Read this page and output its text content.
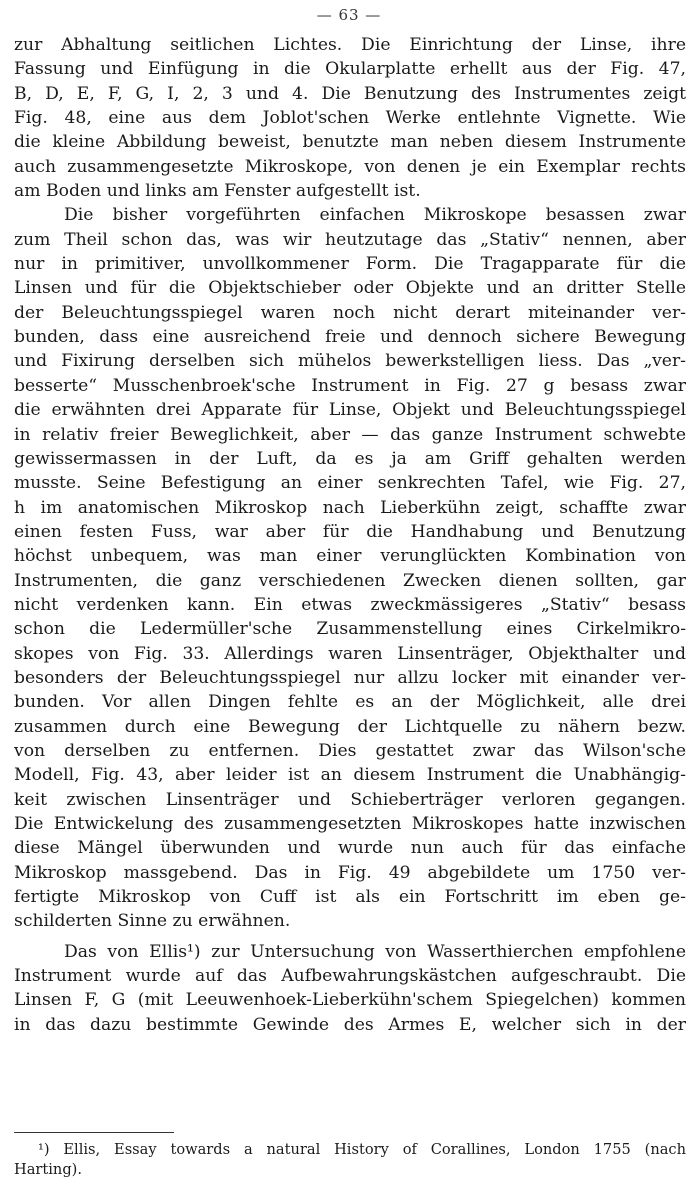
— 63 —
zur Abhaltung seitlichen Lichtes. Die Einrichtung der Linse, ihre
Fassung und Einfügung in die Okularplatte erhellt aus der Fig. 47,
B, D, E, F, G, I, 2, 3 und 4. Die Benutzung des Instrumentes zeigt
Fig. 48, eine aus dem Joblot'schen Werke entlehnte Vignette. Wie
die kleine Abbildung beweist, benutzte man neben diesem Instrumente
auch zusammengesetzte Mikroskope, von denen je ein Exemplar rechts
am Boden und links am Fenster aufgestellt ist.
Die bisher vorgeführten einfachen Mikroskope besassen zwar
zum Theil schon das, was wir heutzutage das „Stativ“ nennen, aber
nur in primitiver, unvollkommener Form. Die Tragapparate für die
Linsen und für die Objektschieber oder Objekte und an dritter Stelle
der Beleuchtungsspiegel waren noch nicht derart miteinander ver-
bunden, dass eine ausreichend freie und dennoch sichere Bewegung
und Fixirung derselben sich mühelos bewerkstelligen liess. Das „ver-
besserte“ Musschenbroek'sche Instrument in Fig. 27 g besass zwar
die erwähnten drei Apparate für Linse, Objekt und Beleuchtungsspiegel
in relativ freier Beweglichkeit, aber — das ganze Instrument schwebte
gewissermassen in der Luft, da es ja am Griff gehalten werden
musste. Seine Befestigung an einer senkrechten Tafel, wie Fig. 27,
h im anatomischen Mikroskop nach Lieberkühn zeigt, schaffte zwar
einen festen Fuss, war aber für die Handhabung und Benutzung
höchst unbequem, was man einer verunglückten Kombination von
Instrumenten, die ganz verschiedenen Zwecken dienen sollten, gar
nicht verdenken kann. Ein etwas zweckmässigeres „Stativ“ besass
schon die Ledermüller'sche Zusammenstellung eines Cirkelmikro-
skopes von Fig. 33. Allerdings waren Linsenträger, Objekthalter und
besonders der Beleuchtungsspiegel nur allzu locker mit einander ver-
bunden. Vor allen Dingen fehlte es an der Möglichkeit, alle drei
zusammen durch eine Bewegung der Lichtquelle zu nähern bezw.
von derselben zu entfernen. Dies gestattet zwar das Wilson'sche
Modell, Fig. 43, aber leider ist an diesem Instrument die Unabhängig-
keit zwischen Linsenträger und Schieberträger verloren gegangen.
Die Entwickelung des zusammengesetzten Mikroskopes hatte inzwischen
diese Mängel überwunden und wurde nun auch für das einfache
Mikroskop massgebend. Das in Fig. 49 abgebildete um 1750 ver-
fertigte Mikroskop von Cuff ist als ein Fortschritt im eben ge-
schilderten Sinne zu erwähnen.
Das von Ellis¹) zur Untersuchung von Wasserthierchen empfohlene
Instrument wurde auf das Aufbewahrungskästchen aufgeschraubt. Die
Linsen F, G (mit Leeuwenhoek-Lieberkühn'schem Spiegelchen) kommen
in das dazu bestimmte Gewinde des Armes E, welcher sich in der
¹) Ellis, Essay towards a natural History of Corallines, London 1755 (nach
Harting).
